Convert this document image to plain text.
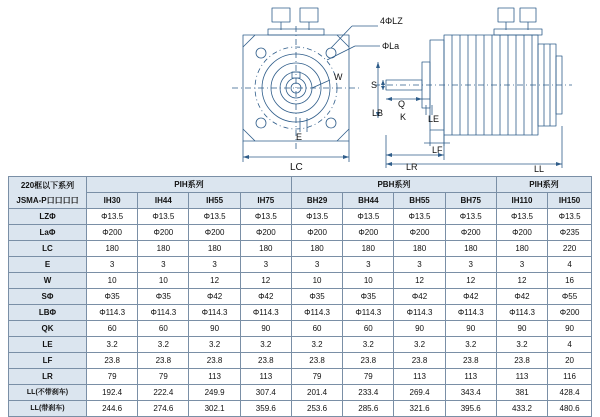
4ΦLZ
ΦLa
W
E
LC
S
LB
Q
K LE
LF
LR	LL
220框以下系列
JSMA-P口口口口	PIH系列				PBH系列				PIH系列	
	IH30	IH44	IH55	IH75	BH29	BH44	BH55	BH75	IH110	IH150
LZΦ	Φ13.5	Φ13.5	Φ13.5	Φ13.5	Φ13.5	Φ13.5	Φ13.5	Φ13.5	Φ13.5	Φ13.5
LaΦ	Φ200	Φ200	Φ200	Φ200	Φ200	Φ200	Φ200	Φ200	Φ200	Φ235
LC	180	180	180	180	180	180	180	180	180	220
E	3	3	3	3	3	3	3	3	3	4
W	10	10	12	12	10	10	12	12	12	16
SΦ	Φ35	Φ35	Φ42	Φ42	Φ35	Φ35	Φ42	Φ42	Φ42	Φ55
LBΦ	Φ114.3	Φ114.3	Φ114.3	Φ114.3	Φ114.3	Φ114.3	Φ114.3	Φ114.3	Φ114.3	Φ200
QK	60	60	90	90	60	60	90	90	90	90
LE	3.2	3.2	3.2	3.2	3.2	3.2	3.2	3.2	3.2	4
LF	23.8	23.8	23.8	23.8	23.8	23.8	23.8	23.8	23.8	20
LR	79	79	113	113	79	79	113	113	113	116
LL(不带刹车)	192.4	222.4	249.9	307.4	201.4	233.4	269.4	343.4	381	428.4
LL(带刹车)	244.6	274.6	302.1	359.6	253.6	285.6	321.6	395.6	433.2	480.6
